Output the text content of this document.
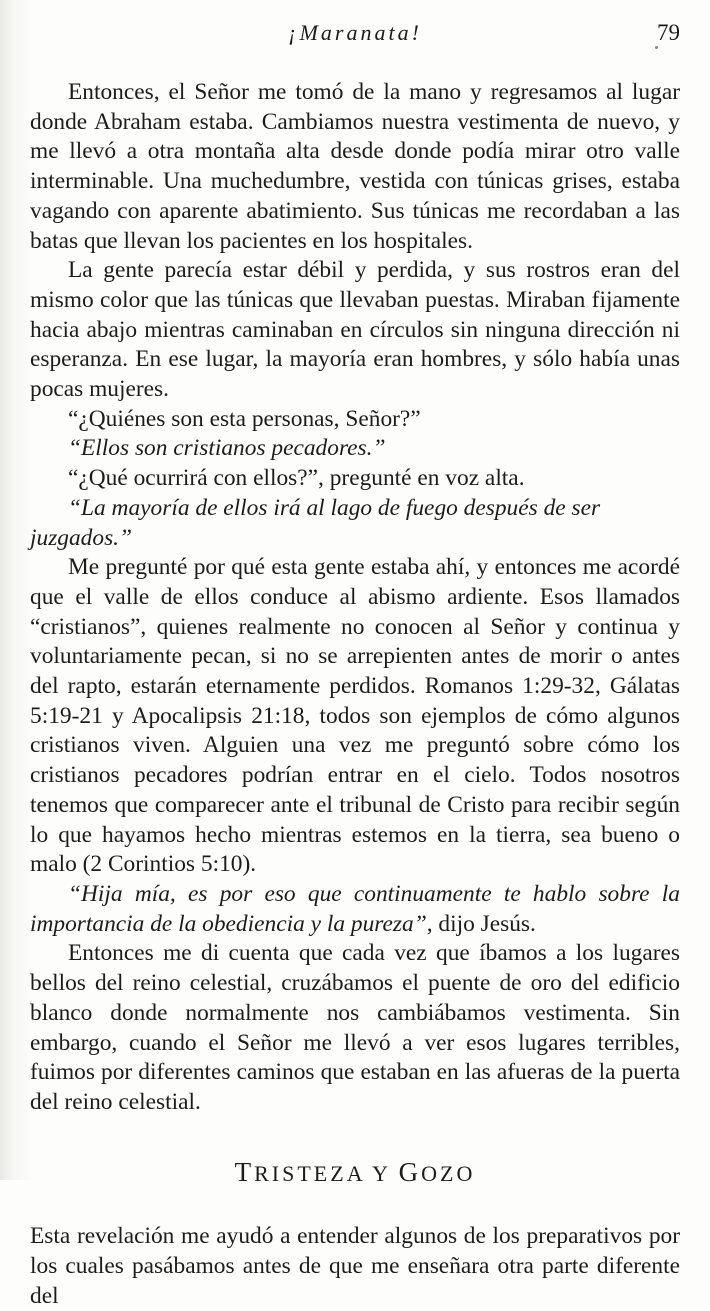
¡Maranata!	79

Entonces, el Señor me tomó de la mano y regresamos al lugar donde Abraham estaba. Cambiamos nuestra vestimenta de nuevo, y me llevó a otra montaña alta desde donde podía mirar otro valle interminable. Una muchedumbre, vestida con túnicas grises, estaba vagando con aparente abatimiento. Sus túnicas me recordaban a las batas que llevan los pacientes en los hospitales.

La gente parecía estar débil y perdida, y sus rostros eran del mismo color que las túnicas que llevaban puestas. Miraban fijamente hacia abajo mientras caminaban en círculos sin ninguna dirección ni esperanza. En ese lugar, la mayoría eran hombres, y sólo había unas pocas mujeres.

“¿Quiénes son esta personas, Señor?”

“Ellos son cristianos pecadores.”

“¿Qué ocurrirá con ellos?”, pregunté en voz alta.

“La mayoría de ellos irá al lago de fuego después de ser juzgados.”

Me pregunté por qué esta gente estaba ahí, y entonces me acordé que el valle de ellos conduce al abismo ardiente. Esos llamados “cristianos”, quienes realmente no conocen al Señor y continua y voluntariamente pecan, si no se arrepienten antes de morir o antes del rapto, estarán eternamente perdidos. Romanos 1:29-32, Gálatas 5:19-21 y Apocalipsis 21:18, todos son ejemplos de cómo algunos cristianos viven. Alguien una vez me preguntó sobre cómo los cristianos pecadores podrían entrar en el cielo. Todos nosotros tenemos que comparecer ante el tribunal de Cristo para recibir según lo que hayamos hecho mientras estemos en la tierra, sea bueno o malo (2 Corintios 5:10).

“Hija mía, es por eso que continuamente te hablo sobre la importancia de la obediencia y la pureza”, dijo Jesús.

Entonces me di cuenta que cada vez que íbamos a los lugares bellos del reino celestial, cruzábamos el puente de oro del edificio blanco donde normalmente nos cambiábamos vestimenta. Sin embargo, cuando el Señor me llevó a ver esos lugares terribles, fuimos por diferentes caminos que estaban en las afueras de la puerta del reino celestial.

TRISTEZA Y GOZO

Esta revelación me ayudó a entender algunos de los preparativos por los cuales pasábamos antes de que me enseñara otra parte diferente del
